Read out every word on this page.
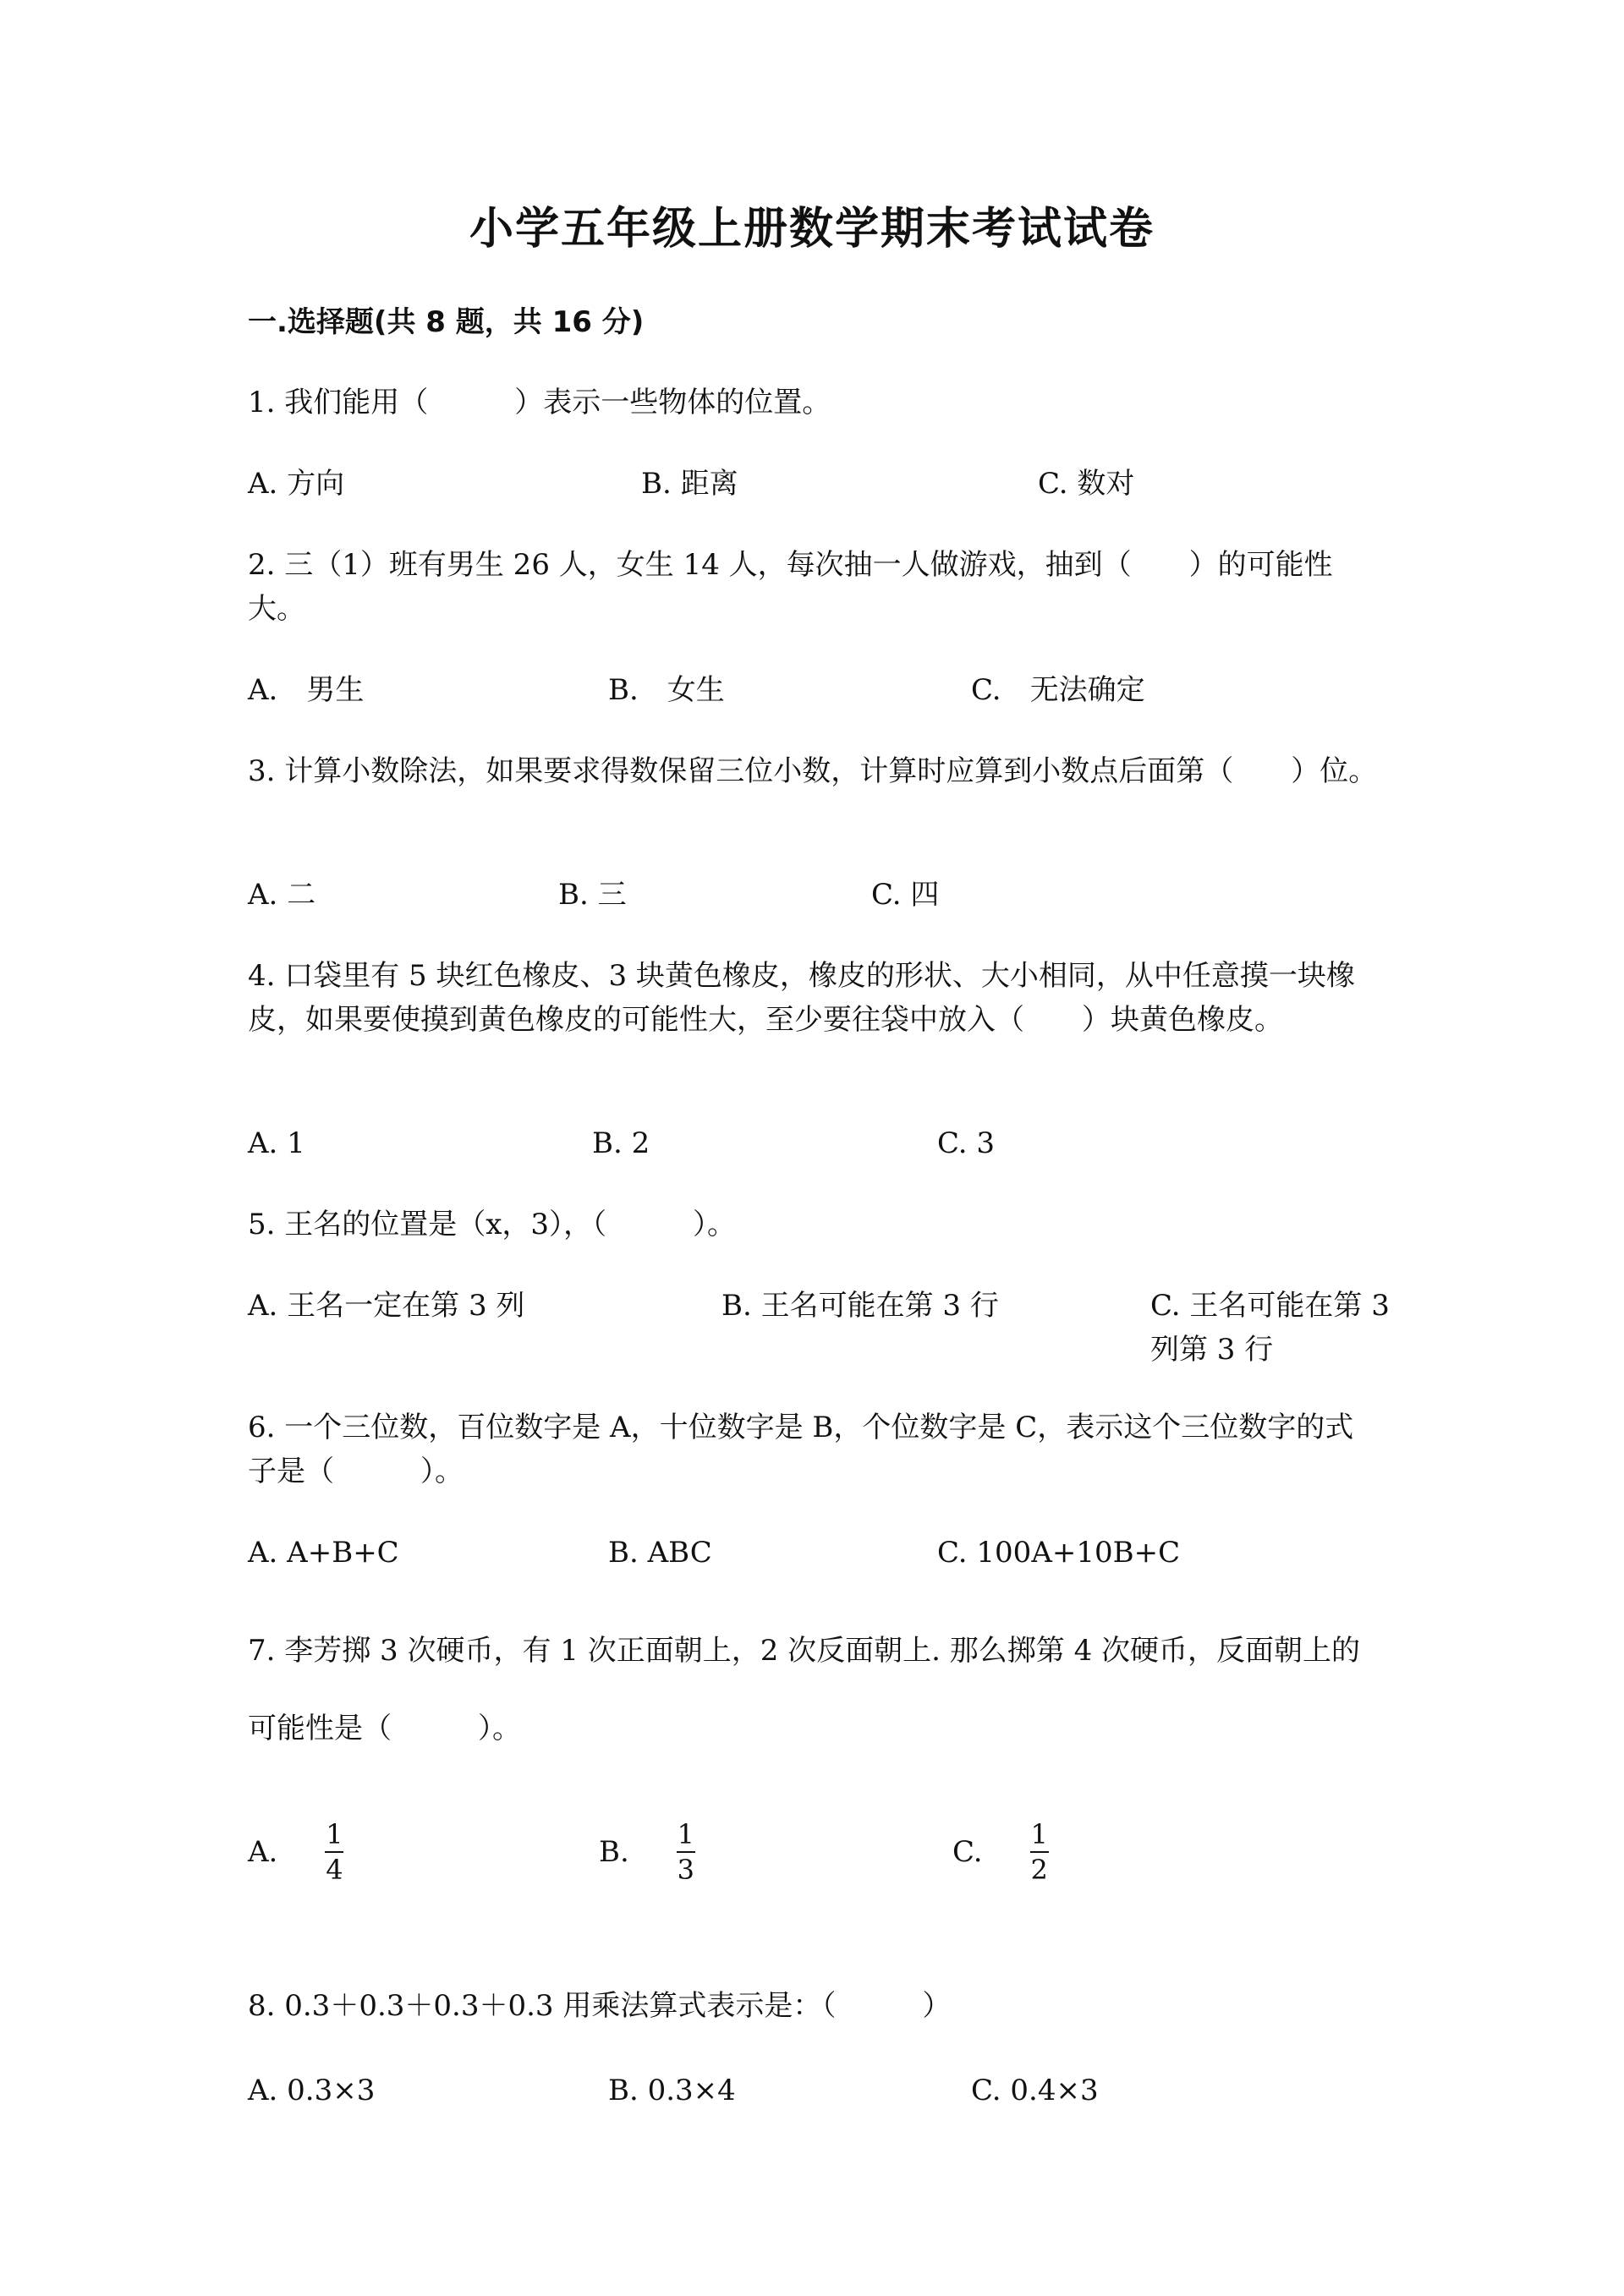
小学五年级上册数学期末考试试卷
一.选择题(共 8 题，共 16 分)
1. 我们能用（　　　）表示一些物体的位置。
A. 方向	B. 距离	C. 数对
2. 三（1）班有男生 26 人，女生 14 人，每次抽一人做游戏，抽到（　　）的可能性大。
A.　男生	B.　女生	C.　无法确定
3. 计算小数除法，如果要求得数保留三位小数，计算时应算到小数点后面第（　　）位。
A. 二	B. 三	C. 四
4. 口袋里有 5 块红色橡皮、3 块黄色橡皮，橡皮的形状、大小相同，从中任意摸一块橡皮，如果要使摸到黄色橡皮的可能性大，至少要往袋中放入（　　）块黄色橡皮。
A. 1	B. 2	C. 3
5. 王名的位置是（x，3），（　　　）。
A. 王名一定在第 3 列	B. 王名可能在第 3 行	C. 王名可能在第 3 列第 3 行
6. 一个三位数，百位数字是 A，十位数字是 B，个位数字是 C，表示这个三位数字的式子是（　　　）。
A. A+B+C	B. ABC	C. 100A+10B+C
7. 李芳掷 3 次硬币，有 1 次正面朝上，2 次反面朝上. 那么掷第 4 次硬币，反面朝上的可能性是（　　　）。
A. $\frac{1}{4}$	B. $\frac{1}{3}$	C. $\frac{1}{2}$
8. 0.3＋0.3＋0.3＋0.3 用乘法算式表示是：（　　　）
A. 0.3×3	B. 0.3×4	C. 0.4×3
